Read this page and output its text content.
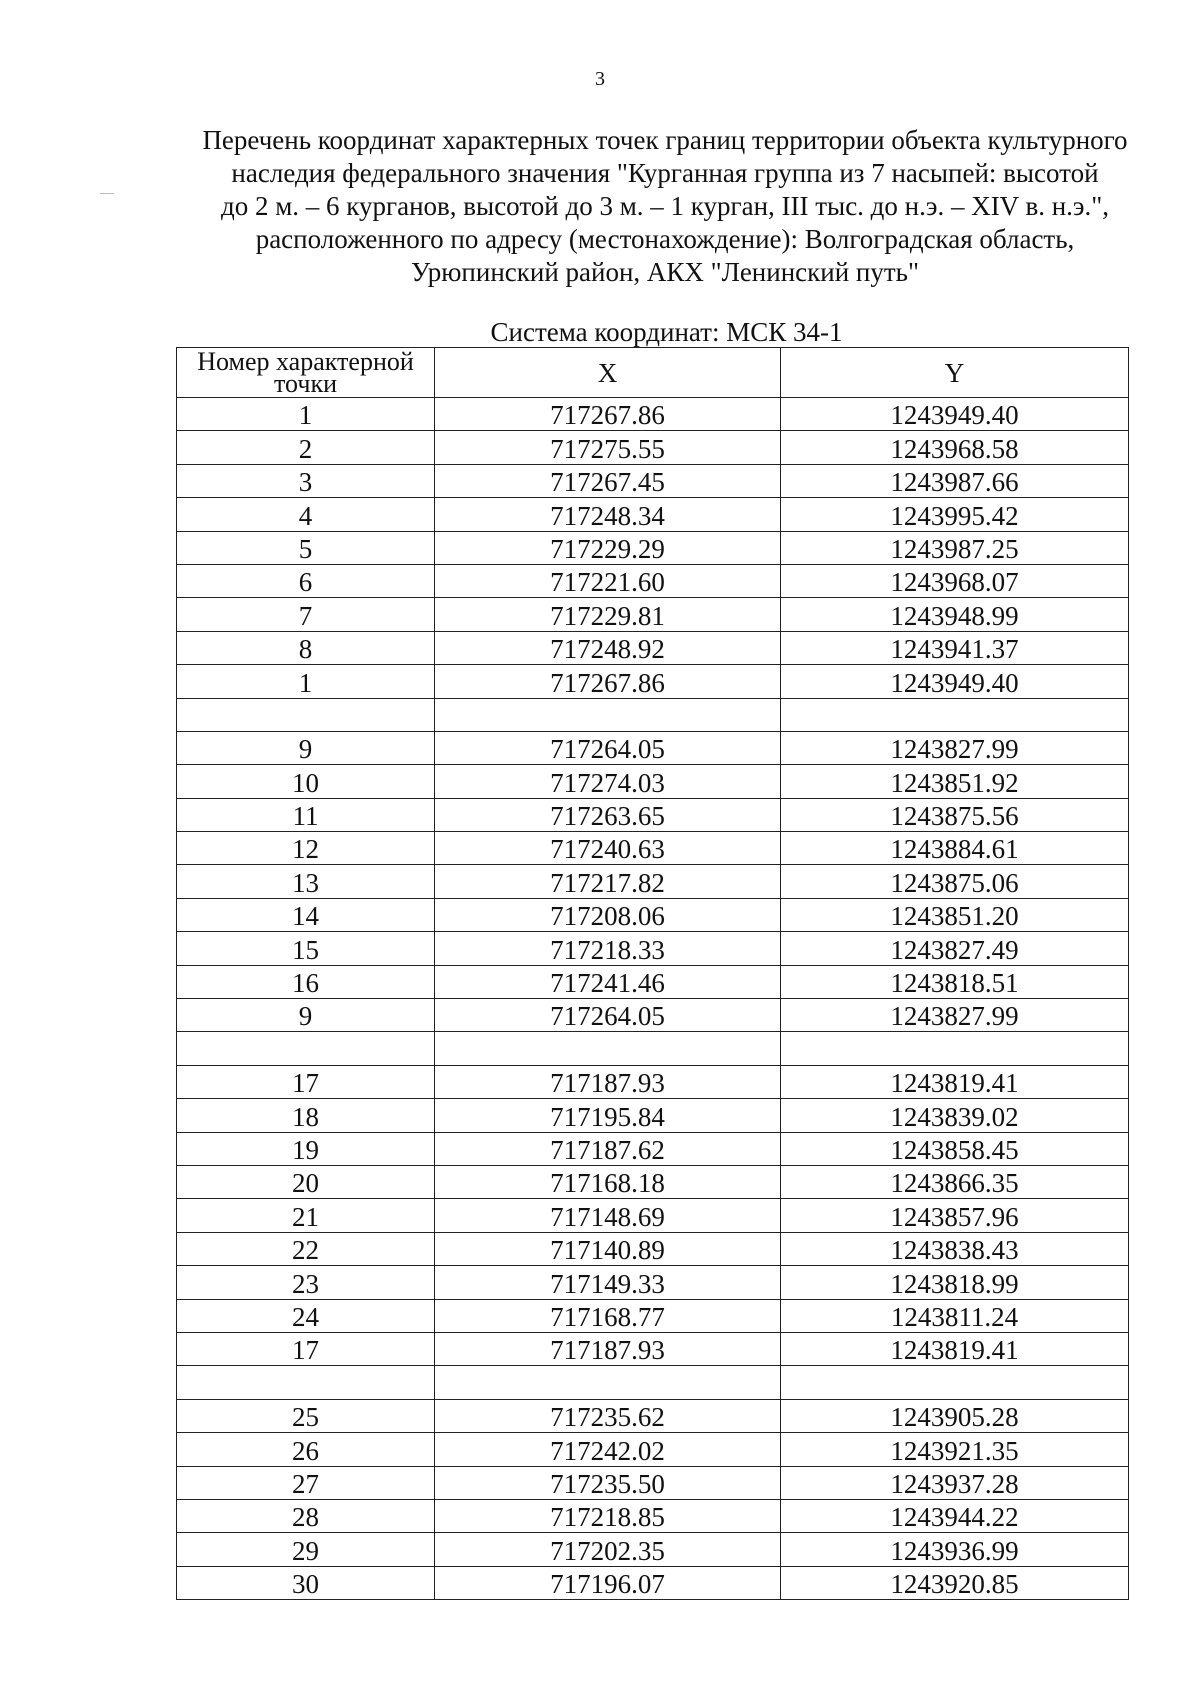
3
Перечень координат характерных точек границ территории объекта культурного
наследия федерального значения "Курганная группа из 7 насыпей: высотой
до 2 м. – 6 курганов, высотой до 3 м. – 1 курган, III тыс. до н.э. – XIV в. н.э.",
расположенного по адресу (местонахождение): Волгоградская область,
Урюпинский район, АКХ "Ленинский путь"
Система координат: МСК 34-1
Номер характерной точки	X	Y
1	717267.86	1243949.40
2	717275.55	1243968.58
3	717267.45	1243987.66
4	717248.34	1243995.42
5	717229.29	1243987.25
6	717221.60	1243968.07
7	717229.81	1243948.99
8	717248.92	1243941.37
1	717267.86	1243949.40

9	717264.05	1243827.99
10	717274.03	1243851.92
11	717263.65	1243875.56
12	717240.63	1243884.61
13	717217.82	1243875.06
14	717208.06	1243851.20
15	717218.33	1243827.49
16	717241.46	1243818.51
9	717264.05	1243827.99

17	717187.93	1243819.41
18	717195.84	1243839.02
19	717187.62	1243858.45
20	717168.18	1243866.35
21	717148.69	1243857.96
22	717140.89	1243838.43
23	717149.33	1243818.99
24	717168.77	1243811.24
17	717187.93	1243819.41

25	717235.62	1243905.28
26	717242.02	1243921.35
27	717235.50	1243937.28
28	717218.85	1243944.22
29	717202.35	1243936.99
30	717196.07	1243920.85
